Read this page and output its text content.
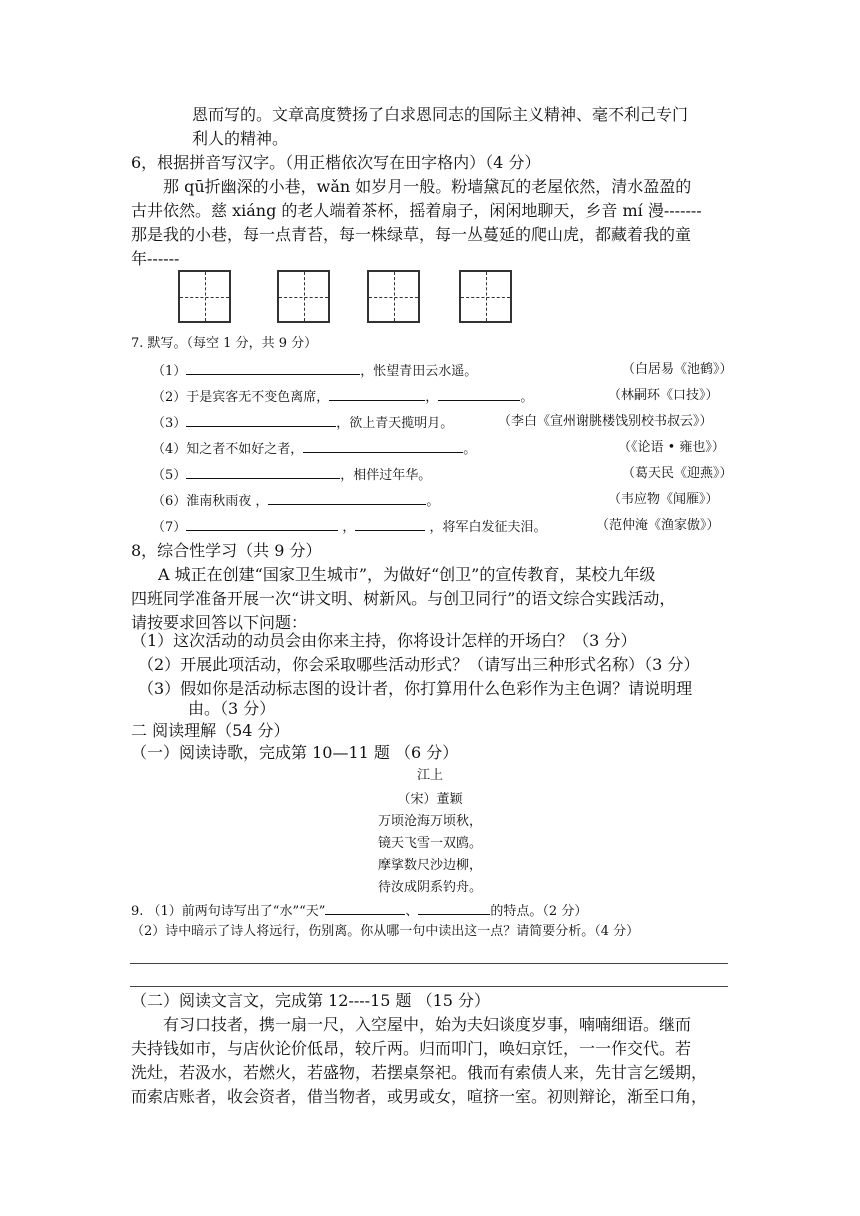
恩而写的。文章高度赞扬了白求恩同志的国际主义精神、毫不利己专门
利人的精神。
6，根据拼音写汉字。（用正楷依次写在田字格内）（4 分）
那 qū折幽深的小巷，wǎn 如岁月一般。粉墙黛瓦的老屋依然，清水盈盈的
古井依然。慈 xiáng 的老人端着茶杯，摇着扇子，闲闲地聊天，乡音 mí 漫-------
那是我的小巷，每一点青苔，每一株绿草，每一丛蔓延的爬山虎，都藏着我的童
年------
7. 默写。（每空 1 分，共 9 分）
（1）	，怅望青田云水遥。	（白居易《池鹤》）
（2）于是宾客无不变色离席，	，	。	（林嗣环《口技》）
（3）	，欲上青天揽明月。	（李白《宣州谢朓楼饯别校书叔云》）
（4）知之者不如好之者，	。	（《论语 • 雍也》）
（5）	，相伴过年华。	（葛天民《迎燕》）
（6）淮南秋雨夜 ，	。	（韦应物《闻雁》）
（7）	，	，将军白发征夫泪。	（范仲淹《渔家傲》）
8，综合性学习（共 9 分）
A 城正在创建“国家卫生城市”，为做好“创卫”的宣传教育，某校九年级
四班同学准备开展一次“讲文明、树新风。与创卫同行”的语文综合实践活动，
请按要求回答以下问题：
（1）这次活动的动员会由你来主持，你将设计怎样的开场白？（3 分）
（2）开展此项活动，你会采取哪些活动形式？（请写出三种形式名称）（3 分）
（3）假如你是活动标志图的设计者，你打算用什么色彩作为主色调？请说明理
由。（3 分）
二 阅读理解（54 分）
（一）阅读诗歌，完成第 10—11 题 （6 分）
江上
（宋）董颖
万顷沧海万顷秋，
镜天飞雪一双鸥。
摩挲数尺沙边柳，
待汝成阴系钓舟。
9. （1）前两句诗写出了“水”“天”	、	的特点。（2 分）
（2）诗中暗示了诗人将远行，伤别离。你从哪一句中读出这一点？请简要分析。（4 分）
（二）阅读文言文，完成第 12----15 题 （15 分）
有习口技者，携一扇一尺，入空屋中，始为夫妇谈度岁事，喃喃细语。继而
夫持钱如市，与店伙论价低昂，较斤两。归而叩门，唤妇京饪，一一作交代。若
洗灶，若汲水，若燃火，若盛物，若摆桌祭祀。俄而有索债人来，先甘言乞缓期，
而索店账者，收会资者，借当物者，或男或女，喧挤一室。初则辩论，渐至口角，
